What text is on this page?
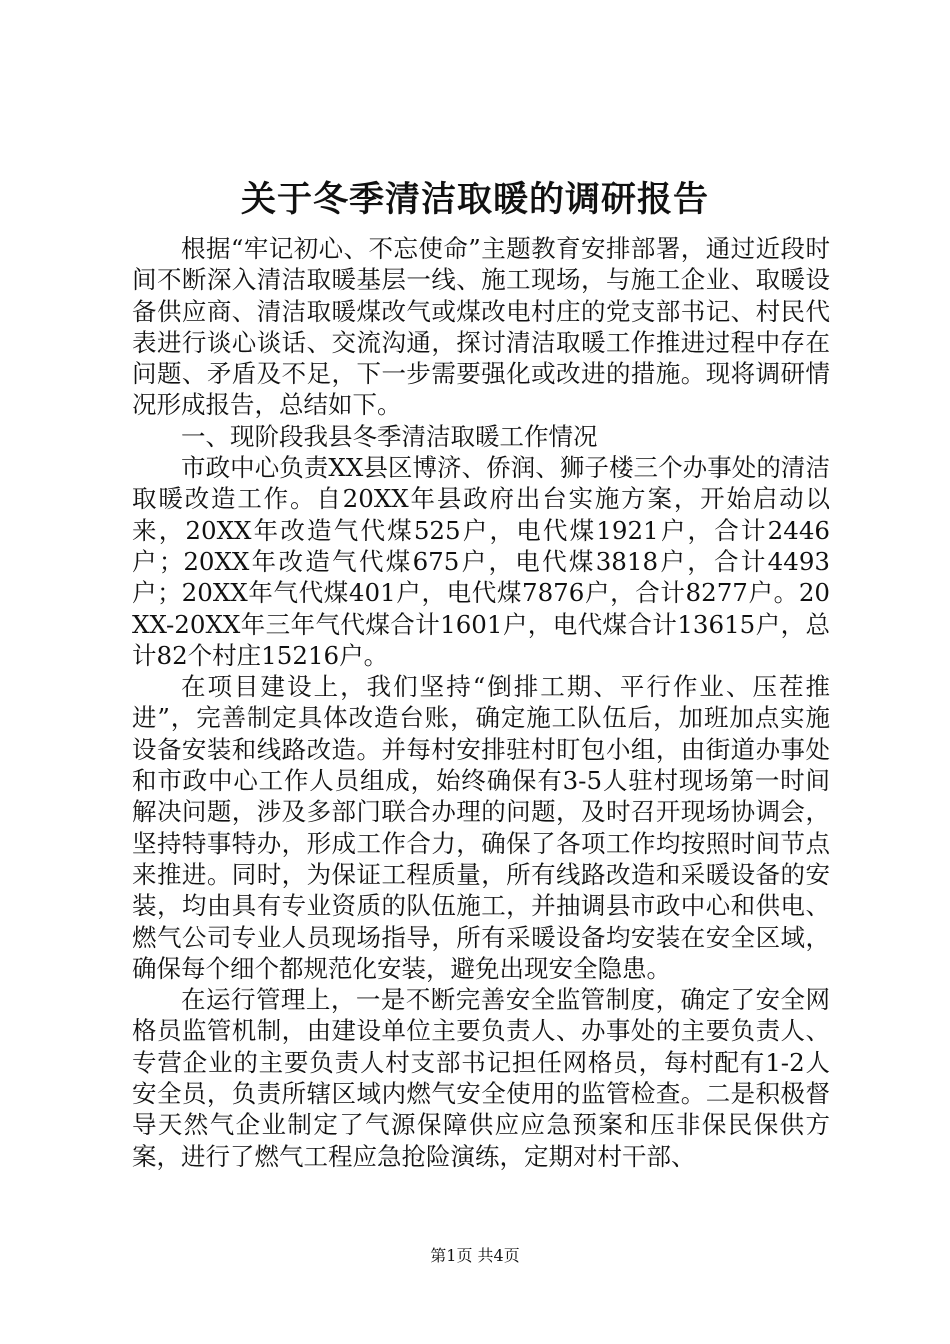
关于冬季清洁取暖的调研报告

根据“牢记初心、不忘使命”主题教育安排部署，通过近段时间不断深入清洁取暖基层一线、施工现场，与施工企业、取暖设备供应商、清洁取暖煤改气或煤改电村庄的党支部书记、村民代表进行谈心谈话、交流沟通，探讨清洁取暖工作推进过程中存在问题、矛盾及不足，下一步需要强化或改进的措施。现将调研情况形成报告，总结如下。

一、现阶段我县冬季清洁取暖工作情况

市政中心负责XX县区博济、侨润、狮子楼三个办事处的清洁取暖改造工作。自20XX年县政府出台实施方案，开始启动以来，20XX年改造气代煤525户，电代煤1921户，合计2446户；20XX年改造气代煤675户，电代煤3818户，合计4493户；20XX年气代煤401户，电代煤7876户，合计8277户。20XX-20XX年三年气代煤合计1601户，电代煤合计13615户，总计82个村庄15216户。

在项目建设上，我们坚持“倒排工期、平行作业、压茬推进”，完善制定具体改造台账，确定施工队伍后，加班加点实施设备安装和线路改造。并每村安排驻村盯包小组，由街道办事处和市政中心工作人员组成，始终确保有3-5人驻村现场第一时间解决问题，涉及多部门联合办理的问题，及时召开现场协调会，坚持特事特办，形成工作合力，确保了各项工作均按照时间节点来推进。同时，为保证工程质量，所有线路改造和采暖设备的安装，均由具有专业资质的队伍施工，并抽调县市政中心和供电、燃气公司专业人员现场指导，所有采暖设备均安装在安全区域，确保每个细个都规范化安装，避免出现安全隐患。

在运行管理上，一是不断完善安全监管制度，确定了安全网格员监管机制，由建设单位主要负责人、办事处的主要负责人、专营企业的主要负责人村支部书记担任网格员，每村配有1-2人安全员，负责所辖区域内燃气安全使用的监管检查。二是积极督导天然气企业制定了气源保障供应应急预案和压非保民保供方案，进行了燃气工程应急抢险演练，定期对村干部、

第1页 共4页
